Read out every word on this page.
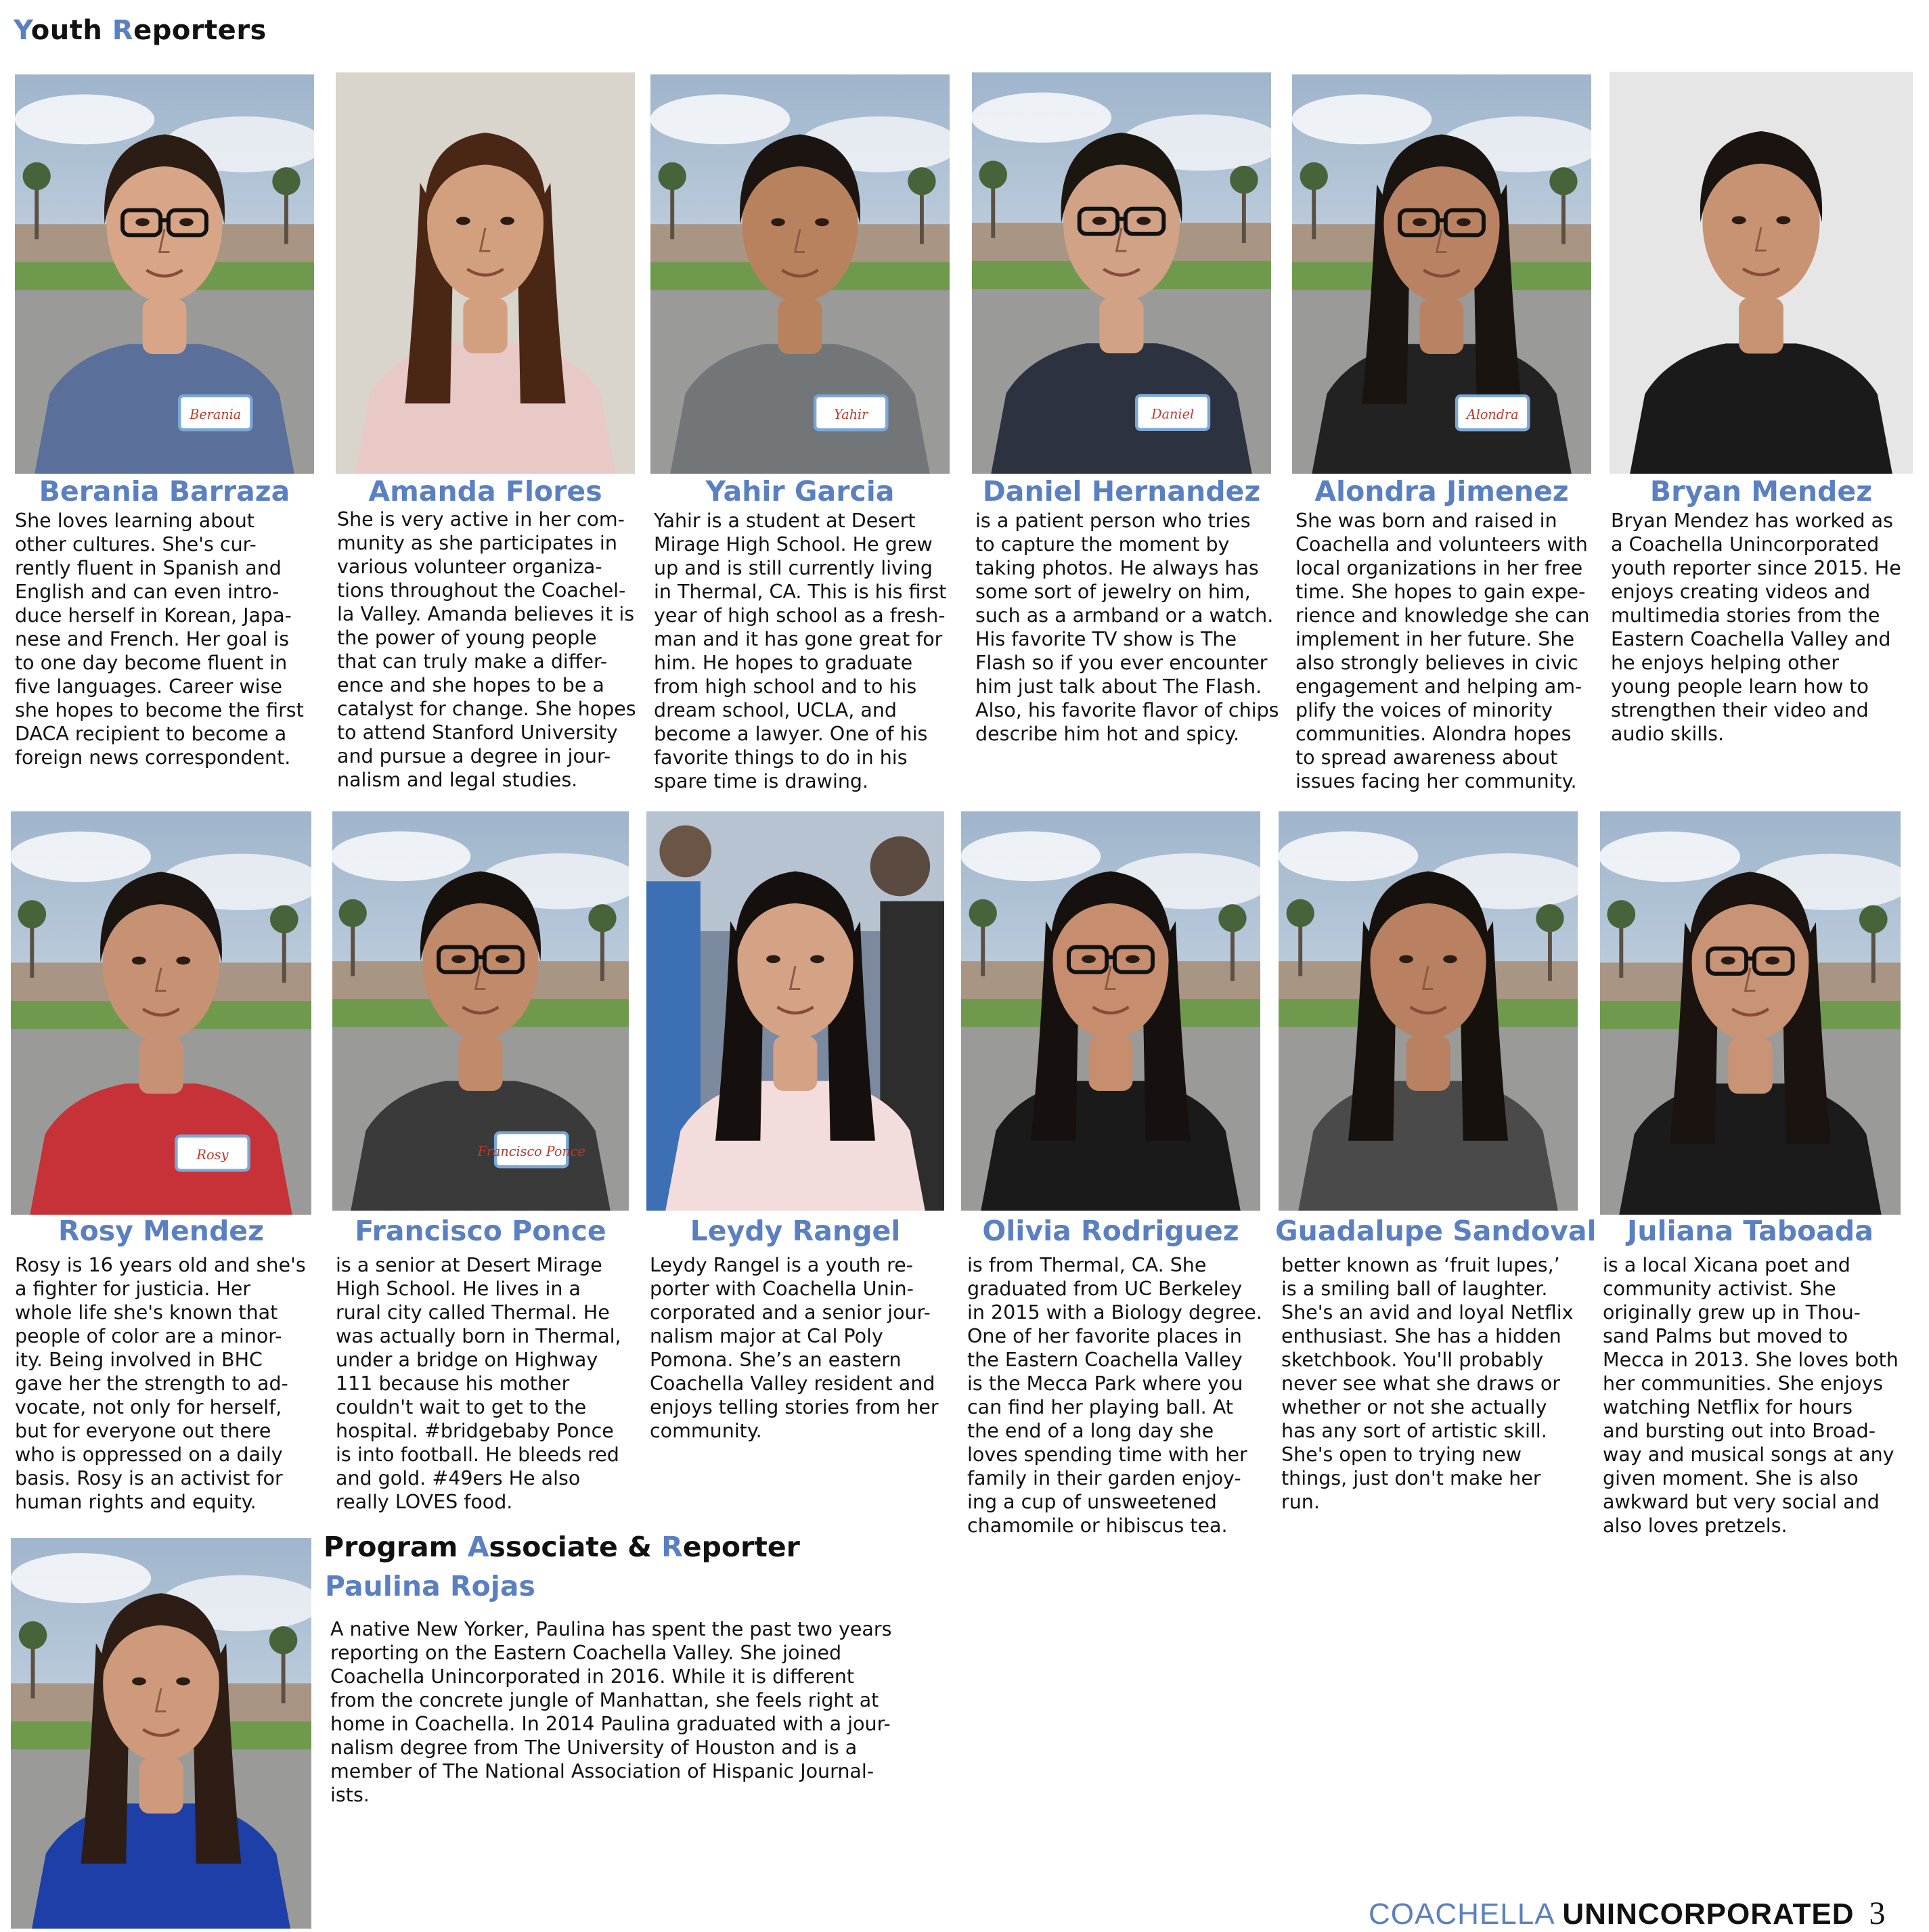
Youth Reporters
Berania	Yahir	Daniel	Alondra
Berania Barraza	Amanda Flores	Yahir Garcia	Daniel Hernandez	Alondra Jimenez	Bryan Mendez
She loves learning about
other cultures. She's cur-
rently fluent in Spanish and
English and can even intro-
duce herself in Korean, Japa-
nese and French. Her goal is
to one day become fluent in
five languages. Career wise
she hopes to become the first
DACA recipient to become a
foreign news correspondent.
She is very active in her com-
munity as she participates in
various volunteer organiza-
tions throughout the Coachel-
la Valley. Amanda believes it is
the power of young people
that can truly make a differ-
ence and she hopes to be a
catalyst for change. She hopes
to attend Stanford University
and pursue a degree in jour-
nalism and legal studies.
Yahir is a student at Desert
Mirage High School. He grew
up and is still currently living
in Thermal, CA. This is his first
year of high school as a fresh-
man and it has gone great for
him. He hopes to graduate
from high school and to his
dream school, UCLA, and
become a lawyer. One of his
favorite things to do in his
spare time is drawing.
is a patient person who tries
to capture the moment by
taking photos. He always has
some sort of jewelry on him,
such as a armband or a watch.
His favorite TV show is The
Flash so if you ever encounter
him just talk about The Flash.
Also, his favorite flavor of chips
describe him hot and spicy.
She was born and raised in
Coachella and volunteers with
local organizations in her free
time. She hopes to gain expe-
rience and knowledge she can
implement in her future. She
also strongly believes in civic
engagement and helping am-
plify the voices of minority
communities. Alondra hopes
to spread awareness about
issues facing her community.
Bryan Mendez has worked as
a Coachella Unincorporated
youth reporter since 2015. He
enjoys creating videos and
multimedia stories from the
Eastern Coachella Valley and
he enjoys helping other
young people learn how to
strengthen their video and
audio skills.
Rosy	Francisco Ponce
Rosy Mendez	Francisco Ponce	Leydy Rangel	Olivia Rodriguez	Guadalupe Sandoval	Juliana Taboada
Rosy is 16 years old and she's
a fighter for justicia. Her
whole life she's known that
people of color are a minor-
ity. Being involved in BHC
gave her the strength to ad-
vocate, not only for herself,
but for everyone out there
who is oppressed on a daily
basis. Rosy is an activist for
human rights and equity.
is a senior at Desert Mirage
High School. He lives in a
rural city called Thermal. He
was actually born in Thermal,
under a bridge on Highway
111 because his mother
couldn't wait to get to the
hospital. #bridgebaby Ponce
is into football. He bleeds red
and gold. #49ers He also
really LOVES food.
Leydy Rangel is a youth re-
porter with Coachella Unin-
corporated and a senior jour-
nalism major at Cal Poly
Pomona. She’s an eastern
Coachella Valley resident and
enjoys telling stories from her
community.
is from Thermal, CA. She
graduated from UC Berkeley
in 2015 with a Biology degree.
One of her favorite places in
the Eastern Coachella Valley
is the Mecca Park where you
can find her playing ball. At
the end of a long day she
loves spending time with her
family in their garden enjoy-
ing a cup of unsweetened
chamomile or hibiscus tea.
better known as ‘fruit lupes,’
is a smiling ball of laughter.
She's an avid and loyal Netflix
enthusiast. She has a hidden
sketchbook. You'll probably
never see what she draws or
whether or not she actually
has any sort of artistic skill.
She's open to trying new
things, just don't make her
run.
is a local Xicana poet and
community activist. She
originally grew up in Thou-
sand Palms but moved to
Mecca in 2013. She loves both
her communities. She enjoys
watching Netflix for hours
and bursting out into Broad-
way and musical songs at any
given moment. She is also
awkward but very social and
also loves pretzels.
Program Associate & Reporter
Paulina Rojas
A native New Yorker, Paulina has spent the past two years
reporting on the Eastern Coachella Valley. She joined
Coachella Unincorporated in 2016. While it is different
from the concrete jungle of Manhattan, she feels right at
home in Coachella. In 2014 Paulina graduated with a jour-
nalism degree from The University of Houston and is a
member of The National Association of Hispanic Journal-
ists.
COACHELLA UNINCORPORATED 3
